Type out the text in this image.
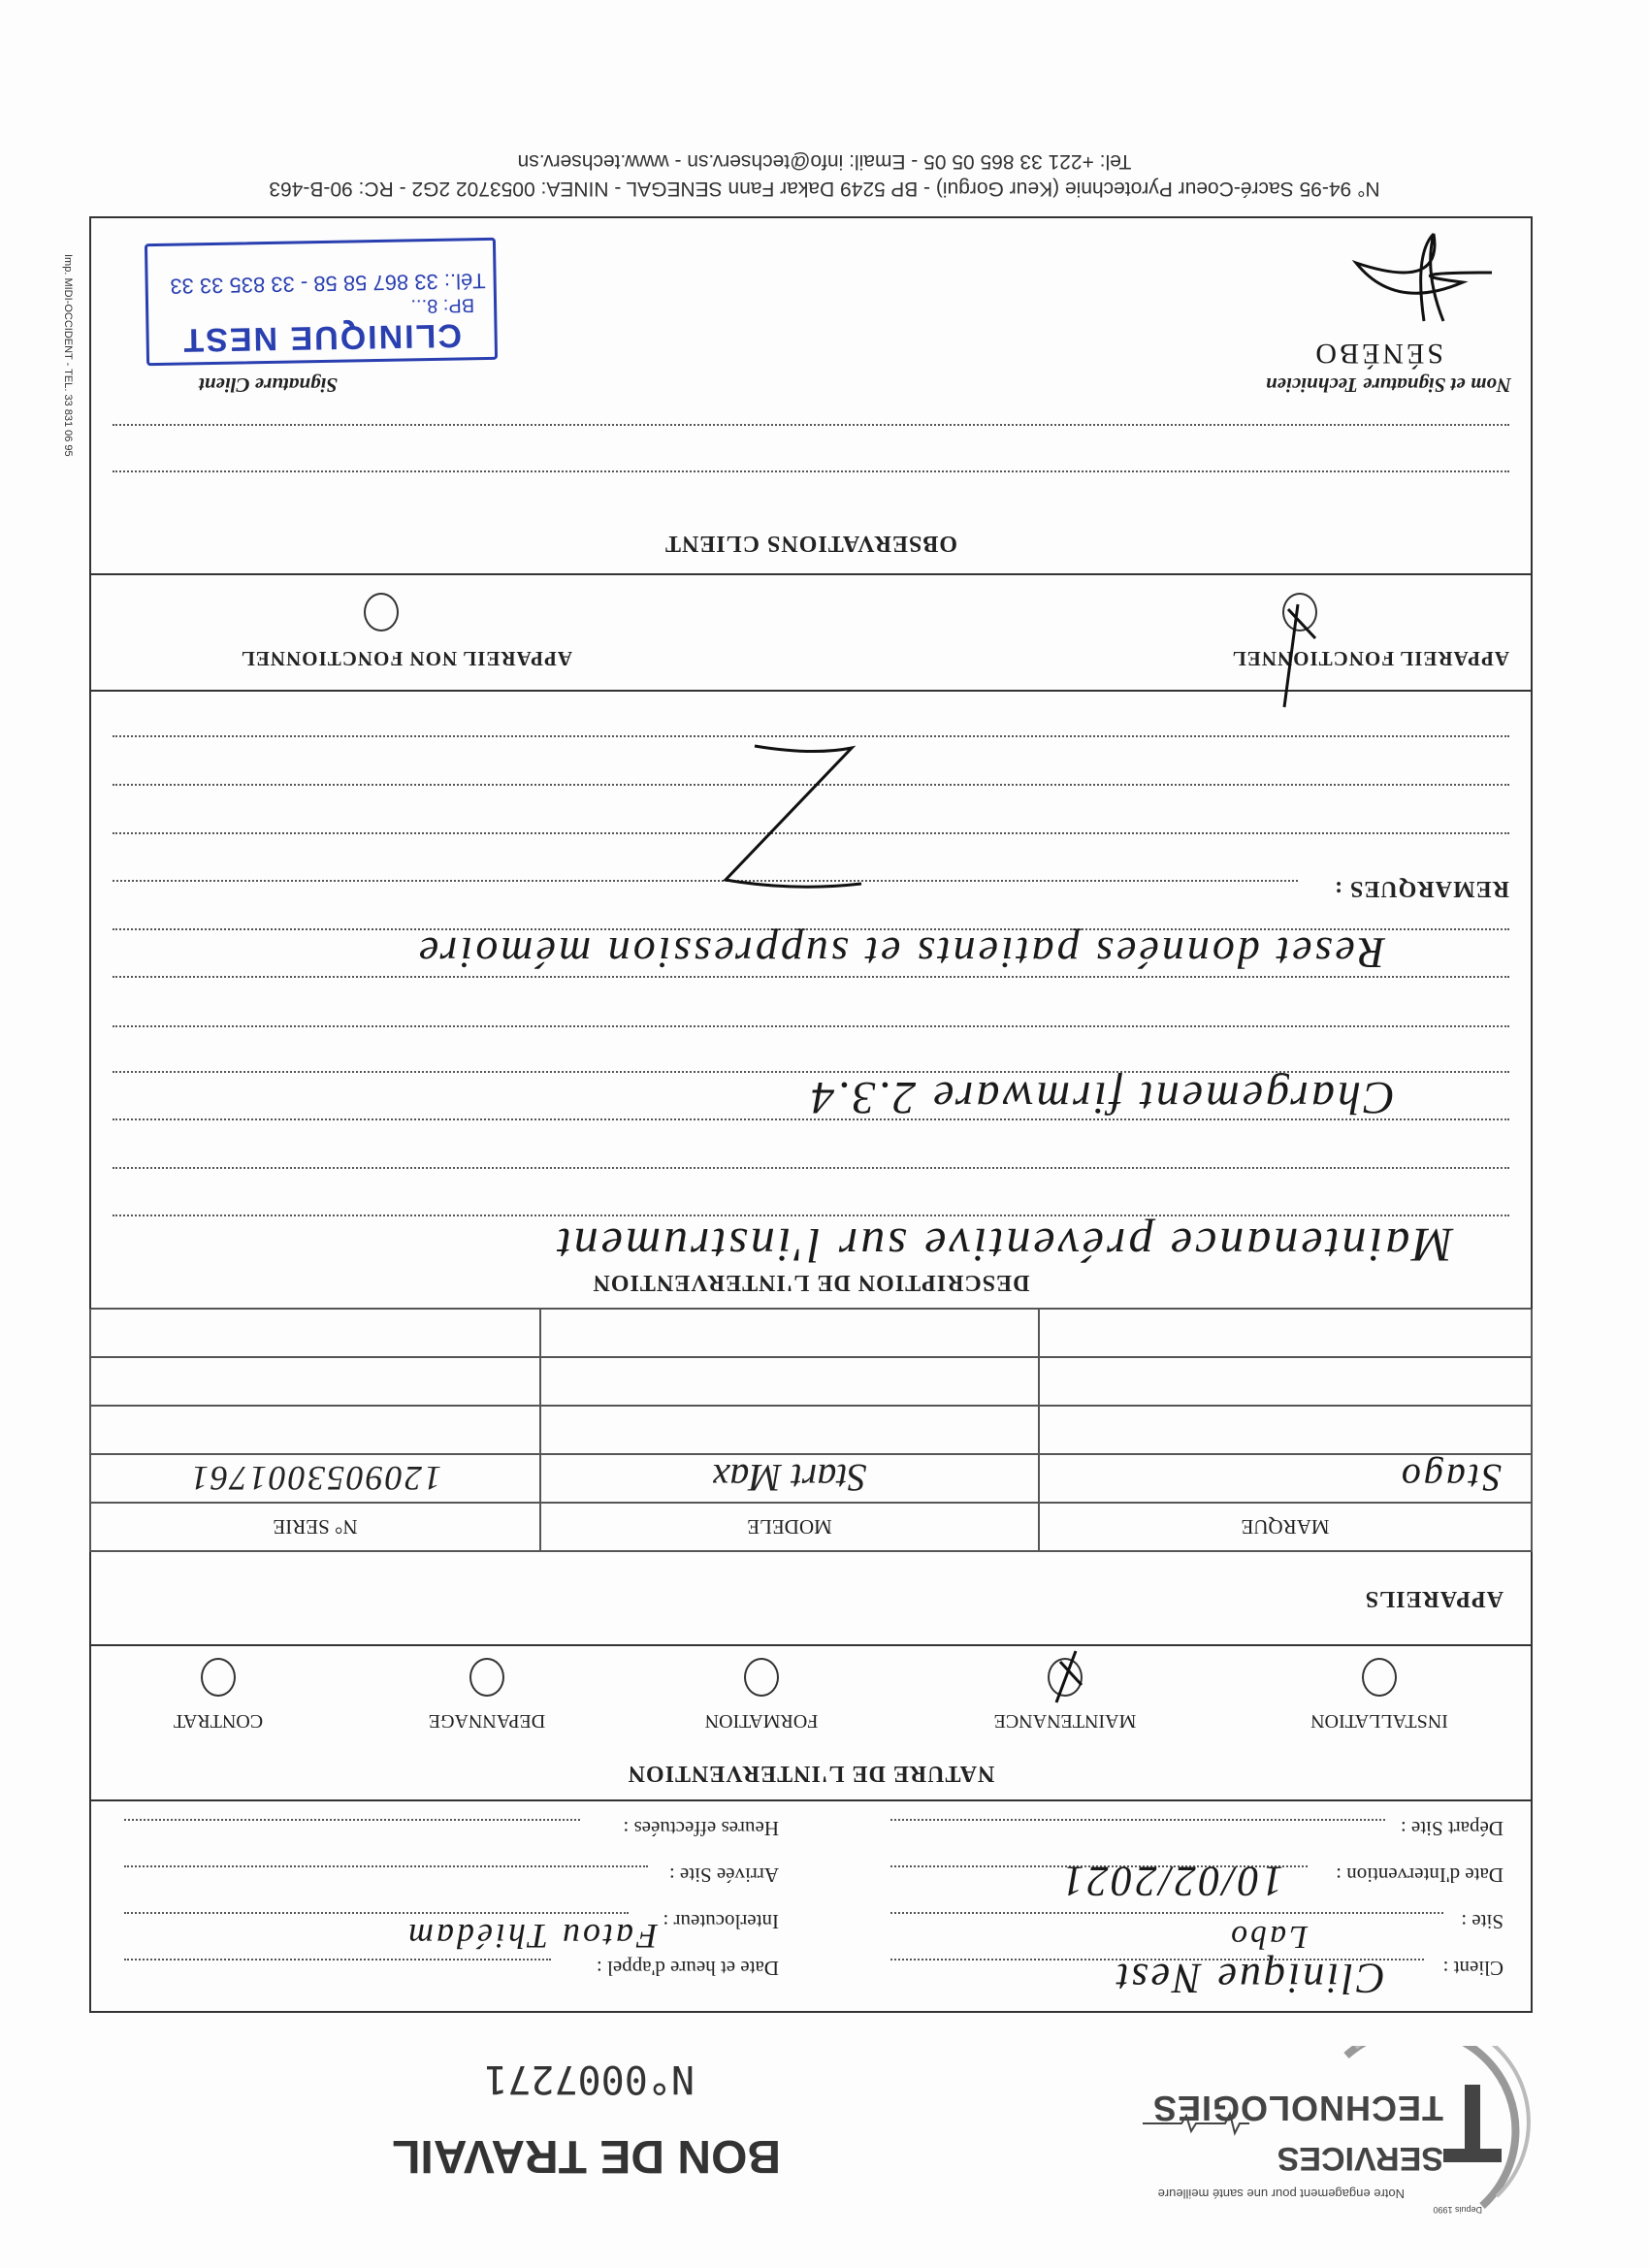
TECHNOLOGIES
SERVICES
Notre engagement pour une santé meilleure
Depuis 1990
BON DE TRAVAIL
N°0007271
Client :
Clinique Nest
Site :
Labo
Date d'Intervention :
10/02/2021
Départ Site :
Date et heure d'appel :
Interlocuteur :
Fatou Thiédam
Arrivée Site :
Heures effectuées :
NATURE DE L'INTERVENTION
INSTALLATION
MAINTENANCE
FORMATION
DEPANNAGE
CONTRAT
APPAREILS
MARQUE	MODELE	N° SERIE
Stago	Start Max	1209053001761

DESCRIPTION DE L'INTERVENTION
Maintenance préventive sur l'instrument
Chargement firmware 2.3.4
Reset données patients et suppression mémoire
REMARQUES :
APPAREIL FONCTIONNEL
APPAREIL NON FONCTIONNEL
OBSERVATIONS CLIENT
Nom et Signature Technicien
SÉNÉBO
Signature Client
CLINIQUE NEST
BP: 8...
Tél.: 33 867 58 58 - 33 835 33 33
N° 94-95 Sacré-Coeur Pyrotechnie (Keur Gorgui) - BP 5249 Dakar Fann SENEGAL - NINEA: 0053702 2G2 - RC: 90-B-463
Tel: +221 33 865 05 05 - Email: info@techserv.sn - www.techserv.sn
Imp. MIDI-OCCIDENT - TEL. 33 831 06 95
